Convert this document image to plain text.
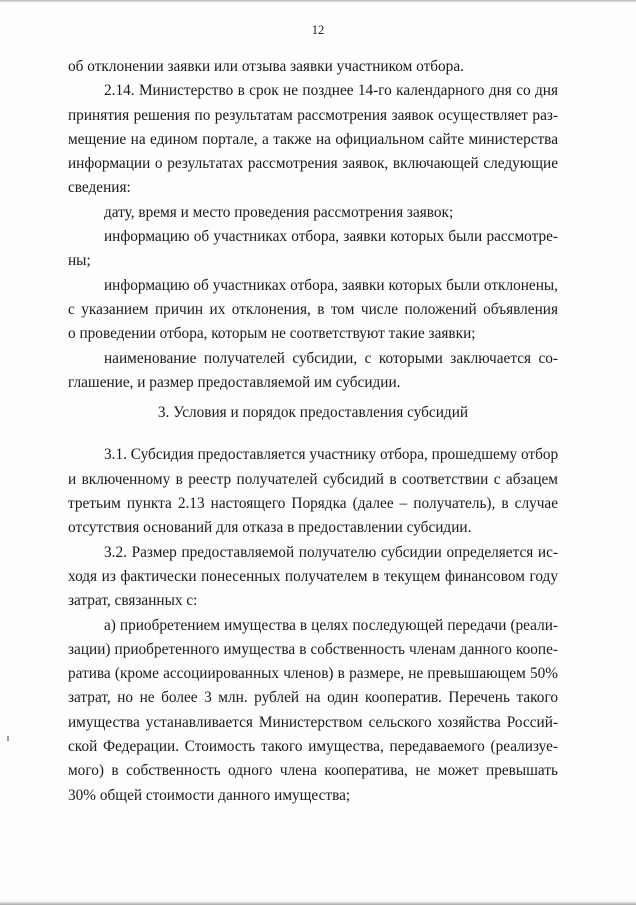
12
об отклонении заявки или отзыва заявки участником отбора.
2.14. Министерство в срок не позднее 14-го календарного дня со дня
принятия решения по результатам рассмотрения заявок осуществляет раз-
мещение на едином портале, а также на официальном сайте министерства
информации о результатах рассмотрения заявок, включающей следующие
сведения:
дату, время и место проведения рассмотрения заявок;
информацию об участниках отбора, заявки которых были рассмотре-
ны;
информацию об участниках отбора, заявки которых были отклонены,
с указанием причин их отклонения, в том числе положений объявления
о проведении отбора, которым не соответствуют такие заявки;
наименование получателей субсидии, с которыми заключается со-
глашение, и размер предоставляемой им субсидии.
3. Условия и порядок предоставления субсидий
3.1. Субсидия предоставляется участнику отбора, прошедшему отбор
и включенному в реестр получателей субсидий в соответствии с абзацем
третьим пункта 2.13 настоящего Порядка (далее – получатель), в случае
отсутствия оснований для отказа в предоставлении субсидии.
3.2. Размер предоставляемой получателю субсидии определяется ис-
ходя из фактически понесенных получателем в текущем финансовом году
затрат, связанных с:
а) приобретением имущества в целях последующей передачи (реали-
зации) приобретенного имущества в собственность членам данного коопе-
ратива (кроме ассоциированных членов) в размере, не превышающем 50%
затрат, но не более 3 млн. рублей на один кооператив. Перечень такого
имущества устанавливается Министерством сельского хозяйства Россий-
ской Федерации. Стоимость такого имущества, передаваемого (реализуе-
мого) в собственность одного члена кооператива, не может превышать
30% общей стоимости данного имущества;
